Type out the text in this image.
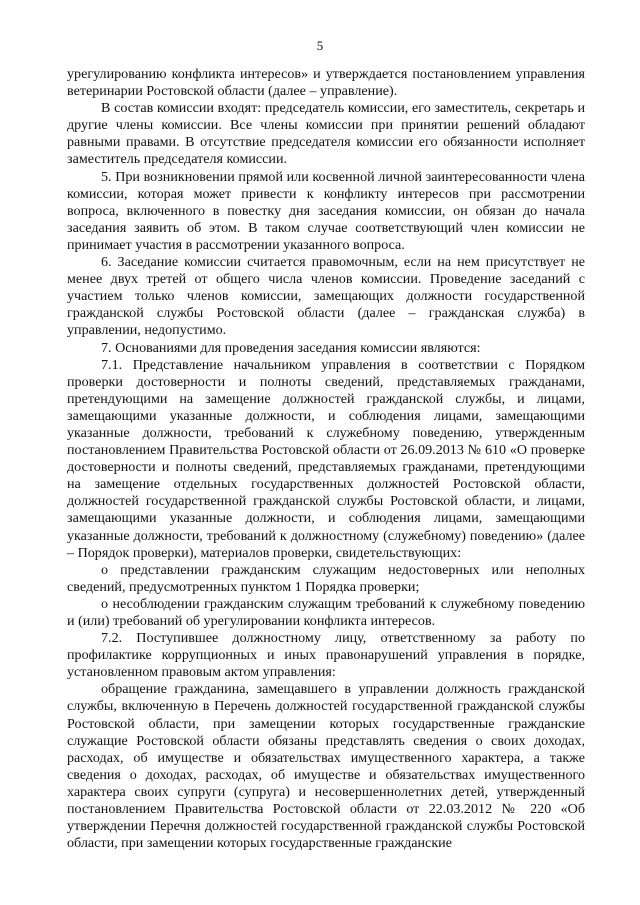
5

урегулированию конфликта интересов» и утверждается постановлением управления ветеринарии Ростовской области (далее – управление).

В состав комиссии входят: председатель комиссии, его заместитель, секретарь и другие члены комиссии. Все члены комиссии при принятии решений обладают равными правами. В отсутствие председателя комиссии его обязанности исполняет заместитель председателя комиссии.

5. При возникновении прямой или косвенной личной заинтересованности члена комиссии, которая может привести к конфликту интересов при рассмотрении вопроса, включенного в повестку дня заседания комиссии, он обязан до начала заседания заявить об этом. В таком случае соответствующий член комиссии не принимает участия в рассмотрении указанного вопроса.

6. Заседание комиссии считается правомочным, если на нем присутствует не менее двух третей от общего числа членов комиссии. Проведение заседаний с участием только членов комиссии, замещающих должности государственной гражданской службы Ростовской области (далее – гражданская служба) в управлении, недопустимо.

7. Основаниями для проведения заседания комиссии являются:

7.1. Представление начальником управления в соответствии с Порядком проверки достоверности и полноты сведений, представляемых гражданами, претендующими на замещение должностей гражданской службы, и лицами, замещающими указанные должности, и соблюдения лицами, замещающими указанные должности, требований к служебному поведению, утвержденным постановлением Правительства Ростовской области от 26.09.2013 № 610 «О проверке достоверности и полноты сведений, представляемых гражданами, претендующими на замещение отдельных государственных должностей Ростовской области, должностей государственной гражданской службы Ростовской области, и лицами, замещающими указанные должности, и соблюдения лицами, замещающими указанные должности, требований к должностному (служебному) поведению» (далее – Порядок проверки), материалов проверки, свидетельствующих:

о представлении гражданским служащим недостоверных или неполных сведений, предусмотренных пунктом 1 Порядка проверки;

о несоблюдении гражданским служащим требований к служебному поведению и (или) требований об урегулировании конфликта интересов.

7.2. Поступившее должностному лицу, ответственному за работу по профилактике коррупционных и иных правонарушений управления в порядке, установленном правовым актом управления:

обращение гражданина, замещавшего в управлении должность гражданской службы, включенную в Перечень должностей государственной гражданской службы Ростовской области, при замещении которых государственные гражданские служащие Ростовской области обязаны представлять сведения о своих доходах, расходах, об имуществе и обязательствах имущественного характера, а также сведения о доходах, расходах, об имуществе и обязательствах имущественного характера своих супруги (супруга) и несовершеннолетних детей, утвержденный постановлением Правительства Ростовской области от 22.03.2012 № 220 «Об утверждении Перечня должностей государственной гражданской службы Ростовской области, при замещении которых государственные гражданские
